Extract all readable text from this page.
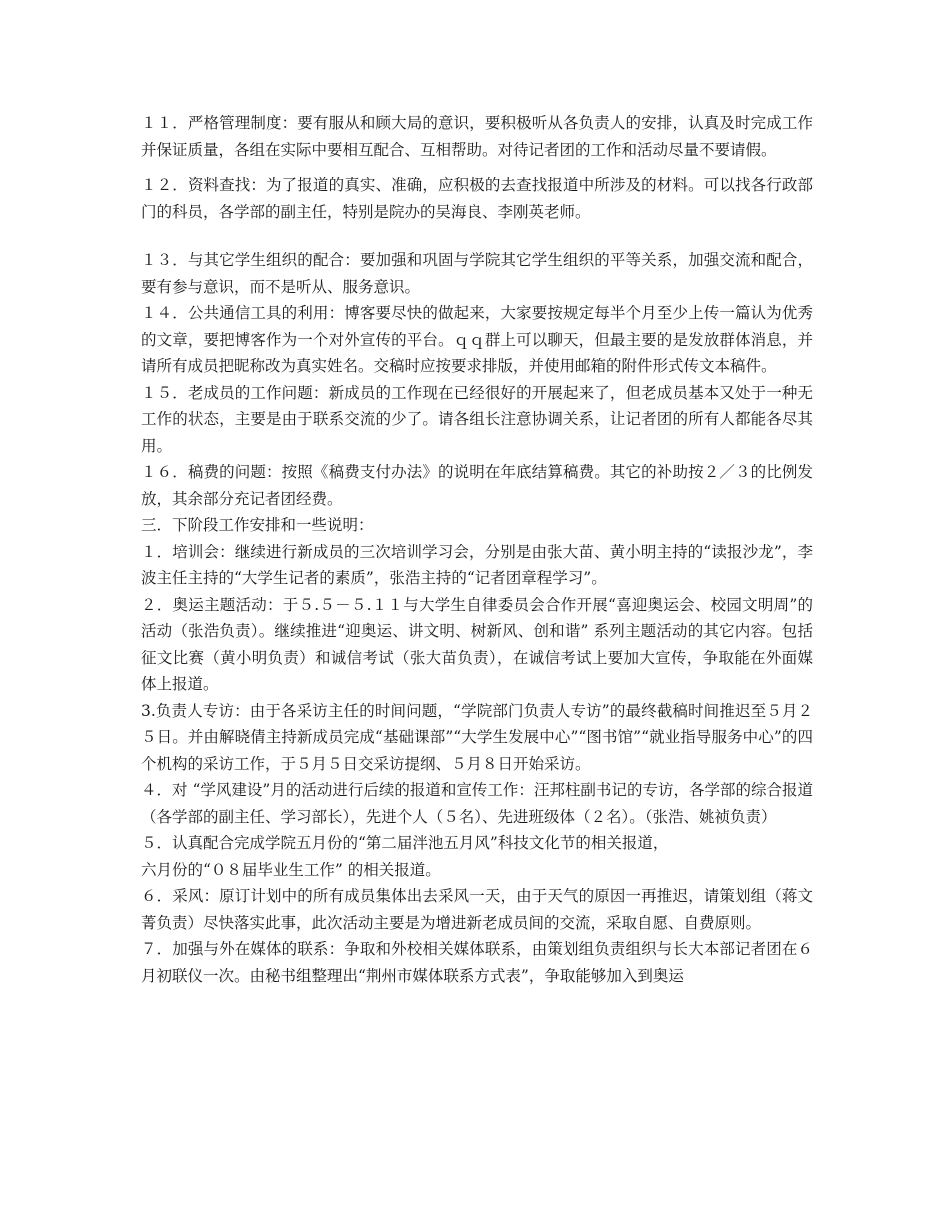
１１．严格管理制度：要有服从和顾大局的意识，要积极听从各负责人的安排，认真及时完成工作并保证质量，各组在实际中要相互配合、互相帮助。对待记者团的工作和活动尽量不要请假。

１２．资料查找：为了报道的真实、准确，应积极的去查找报道中所涉及的材料。可以找各行政部门的科员，各学部的副主任，特别是院办的吴海良、李刚英老师。

１３．与其它学生组织的配合：要加强和巩固与学院其它学生组织的平等关系，加强交流和配合，要有参与意识，而不是听从、服务意识。

１４．公共通信工具的利用：博客要尽快的做起来，大家要按规定每半个月至少上传一篇认为优秀的文章，要把博客作为一个对外宣传的平台。ｑｑ群上可以聊天，但最主要的是发放群体消息，并请所有成员把昵称改为真实姓名。交稿时应按要求排版，并使用邮箱的附件形式传文本稿件。

１５．老成员的工作问题：新成员的工作现在已经很好的开展起来了，但老成员基本又处于一种无工作的状态，主要是由于联系交流的少了。请各组长注意协调关系，让记者团的所有人都能各尽其用。

１６．稿费的问题：按照《稿费支付办法》的说明在年底结算稿费。其它的补助按２／３的比例发放，其余部分充记者团经费。

三．下阶段工作安排和一些说明：

１．培训会：继续进行新成员的三次培训学习会，分别是由张大苗、黄小明主持的“读报沙龙”，李波主任主持的“大学生记者的素质”，张浩主持的“记者团章程学习”。

２．奥运主题活动：于５.５－５.１１与大学生自律委员会合作开展“喜迎奥运会、校园文明周”的活动（张浩负责）。继续推进“迎奥运、讲文明、树新风、创和谐” 系列主题活动的其它内容。包括征文比赛（黄小明负责）和诚信考试（张大苗负责），在诚信考试上要加大宣传，争取能在外面媒体上报道。

3.负责人专访：由于各采访主任的时间问题，“学院部门负责人专访”的最终截稿时间推迟至５月２５日。并由解晓倩主持新成员完成“基础课部”“大学生发展中心”“图书馆”“就业指导服务中心”的四个机构的采访工作，于５月５日交采访提纲、５月８日开始采访。

４．对 “学风建设”月的活动进行后续的报道和宣传工作：汪邦柱副书记的专访，各学部的综合报道（各学部的副主任、学习部长），先进个人（５名）、先进班级体（２名）。（张浩、姚祯负责）

５．认真配合完成学院五月份的“第二届泮池五月风”科技文化节的相关报道，

六月份的“０８届毕业生工作” 的相关报道。

６．采风：原订计划中的所有成员集体出去采风一天，由于天气的原因一再推迟，请策划组（蒋文菁负责）尽快落实此事，此次活动主要是为增进新老成员间的交流，采取自愿、自费原则。

７．加强与外在媒体的联系：争取和外校相关媒体联系，由策划组负责组织与长大本部记者团在６月初联仪一次。由秘书组整理出“荆州市媒体联系方式表”，争取能够加入到奥运
